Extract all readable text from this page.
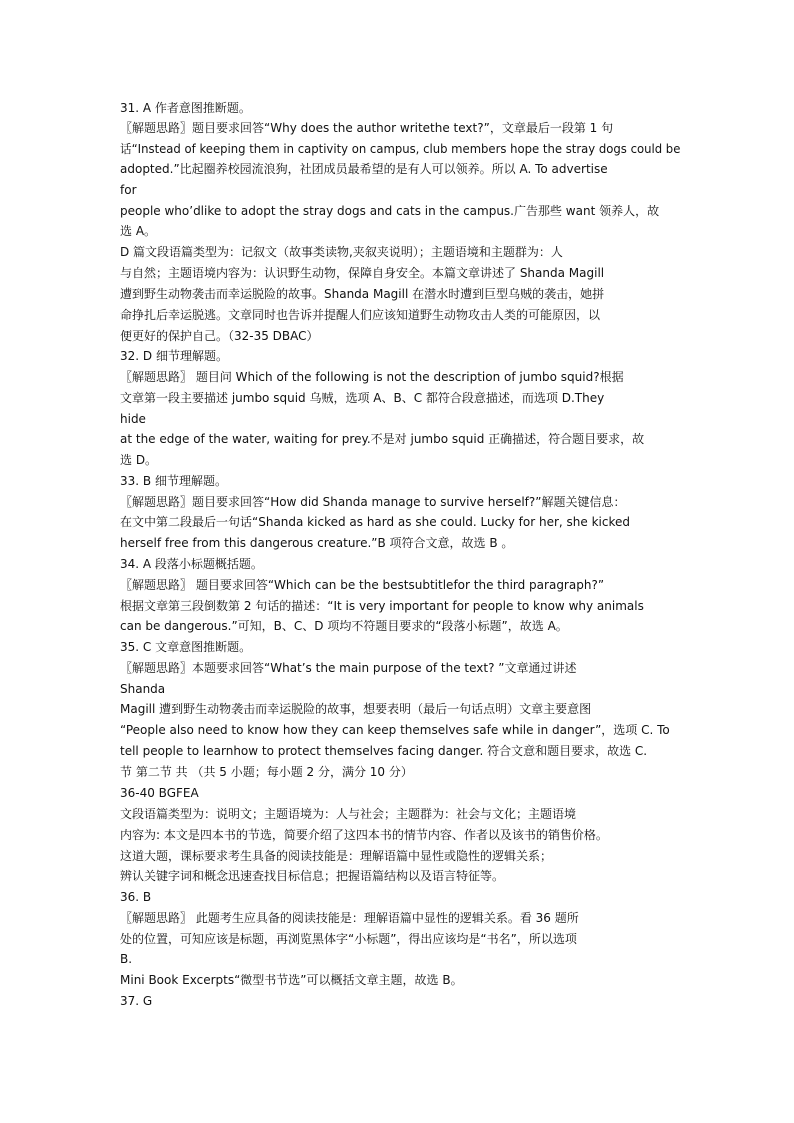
31. A 作者意图推断题。
〖解题思路〗题目要求回答“Why does the author writethe text?”，文章最后一段第 1 句
话“Instead of keeping them in captivity on campus, club members hope the stray dogs could be
adopted.”比起圈养校园流浪狗，社团成员最希望的是有人可以领养。所以 A. To advertise
for
people who’dlike to adopt the stray dogs and cats in the campus.广告那些 want 领养人，故
选 A。
D 篇文段语篇类型为：记叙文（故事类读物,夹叙夹说明）；主题语境和主题群为：人
与自然；主题语境内容为：认识野生动物，保障自身安全。本篇文章讲述了 Shanda Magill
遭到野生动物袭击而幸运脱险的故事。Shanda Magill 在潜水时遭到巨型乌贼的袭击，她拼
命挣扎后幸运脱逃。文章同时也告诉并提醒人们应该知道野生动物攻击人类的可能原因，以
便更好的保护自己。（32-35 DBAC）
32. D 细节理解题。
〖解题思路〗 题目问 Which of the following is not the description of jumbo squid?根据
文章第一段主要描述 jumbo squid 乌贼，选项 A、B、C 都符合段意描述，而选项 D.They
hide
at the edge of the water, waiting for prey.不是对 jumbo squid 正确描述，符合题目要求，故
选 D。
33. B 细节理解题。
〖解题思路〗题目要求回答“How did Shanda manage to survive herself?”解题关键信息：
在文中第二段最后一句话“Shanda kicked as hard as she could. Lucky for her, she kicked
herself free from this dangerous creature.”B 项符合文意，故选 B 。
34. A 段落小标题概括题。
〖解题思路〗 题目要求回答“Which can be the bestsubtitlefor the third paragraph?”
根据文章第三段倒数第 2 句话的描述：“It is very important for people to know why animals
can be dangerous.”可知，B、C、D 项均不符题目要求的“段落小标题”，故选 A。
35. C 文章意图推断题。
〖解题思路〗本题要求回答“What’s the main purpose of the text? ”文章通过讲述
Shanda
Magill 遭到野生动物袭击而幸运脱险的故事，想要表明（最后一句话点明）文章主要意图
“People also need to know how they can keep themselves safe while in danger”，选项 C. To
tell people to learnhow to protect themselves facing danger. 符合文意和题目要求，故选 C.
节 第二节 共 （共 5 小题；每小题 2 分，满分 10 分）
36-40 BGFEA
文段语篇类型为：说明文；主题语境为：人与社会；主题群为：社会与文化；主题语境
内容为: 本文是四本书的节选，简要介绍了这四本书的情节内容、作者以及该书的销售价格。
这道大题，课标要求考生具备的阅读技能是：理解语篇中显性或隐性的逻辑关系；
辨认关键字词和概念迅速查找目标信息；把握语篇结构以及语言特征等。
36. B
〖解题思路〗 此题考生应具备的阅读技能是：理解语篇中显性的逻辑关系。看 36 题所
处的位置，可知应该是标题，再浏览黑体字“小标题”，得出应该均是“书名”，所以选项
B.
Mini Book Excerpts“微型书节选”可以概括文章主题，故选 B。
37. G
